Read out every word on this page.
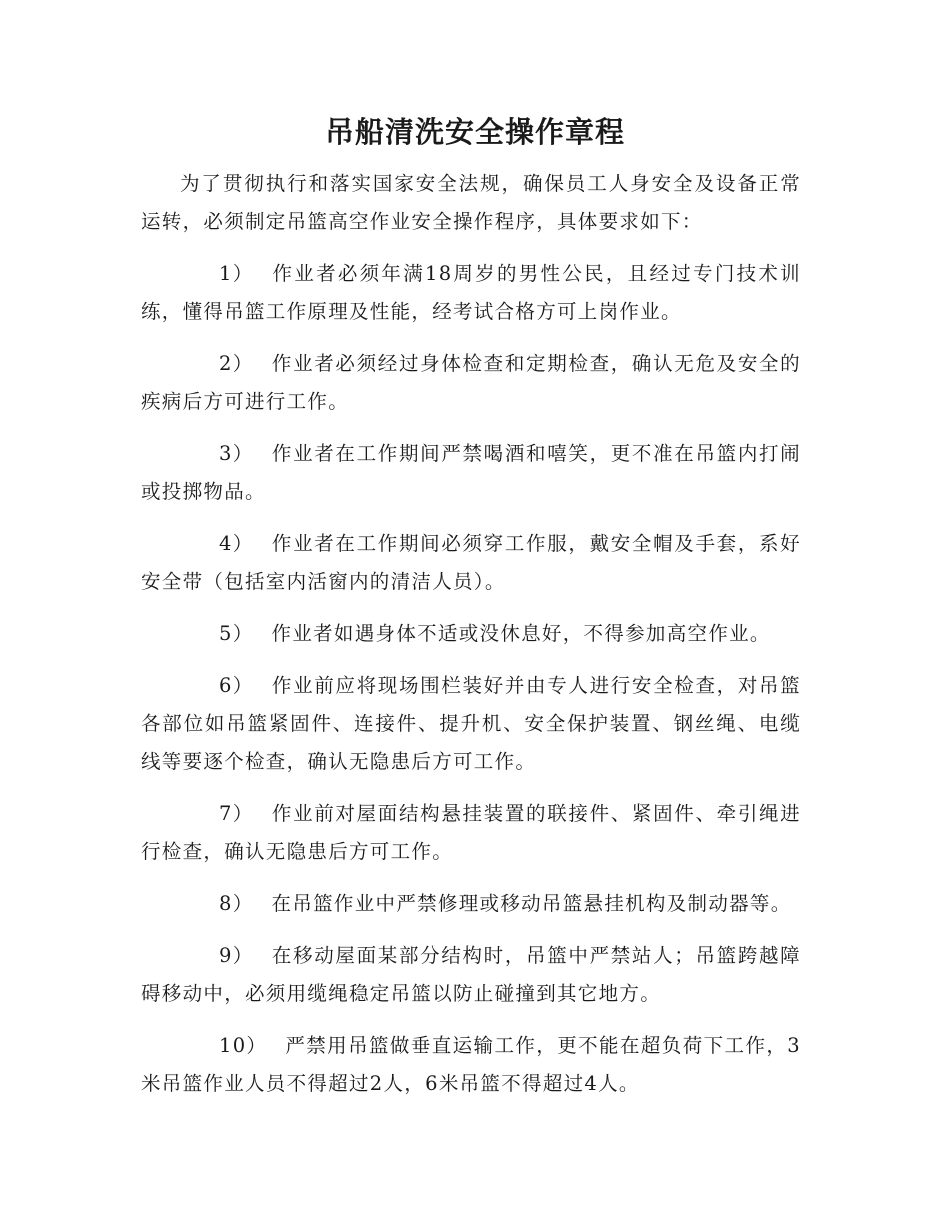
吊船清洗安全操作章程

为了贯彻执行和落实国家安全法规，确保员工人身安全及设备正常运转，必须制定吊篮高空作业安全操作程序，具体要求如下：

1） 作业者必须年满18周岁的男性公民，且经过专门技术训练，懂得吊篮工作原理及性能，经考试合格方可上岗作业。

2） 作业者必须经过身体检查和定期检查，确认无危及安全的疾病后方可进行工作。

3） 作业者在工作期间严禁喝酒和嘻笑，更不准在吊篮内打闹或投掷物品。

4） 作业者在工作期间必须穿工作服，戴安全帽及手套，系好安全带（包括室内活窗内的清洁人员）。

5） 作业者如遇身体不适或没休息好，不得参加高空作业。

6） 作业前应将现场围栏装好并由专人进行安全检查，对吊篮各部位如吊篮紧固件、连接件、提升机、安全保护装置、钢丝绳、电缆线等要逐个检查，确认无隐患后方可工作。

7） 作业前对屋面结构悬挂装置的联接件、紧固件、牵引绳进行检查，确认无隐患后方可工作。

8） 在吊篮作业中严禁修理或移动吊篮悬挂机构及制动器等。

9） 在移动屋面某部分结构时，吊篮中严禁站人；吊篮跨越障碍移动中，必须用缆绳稳定吊篮以防止碰撞到其它地方。

10） 严禁用吊篮做垂直运输工作，更不能在超负荷下工作，3米吊篮作业人员不得超过2人，6米吊篮不得超过4人。
